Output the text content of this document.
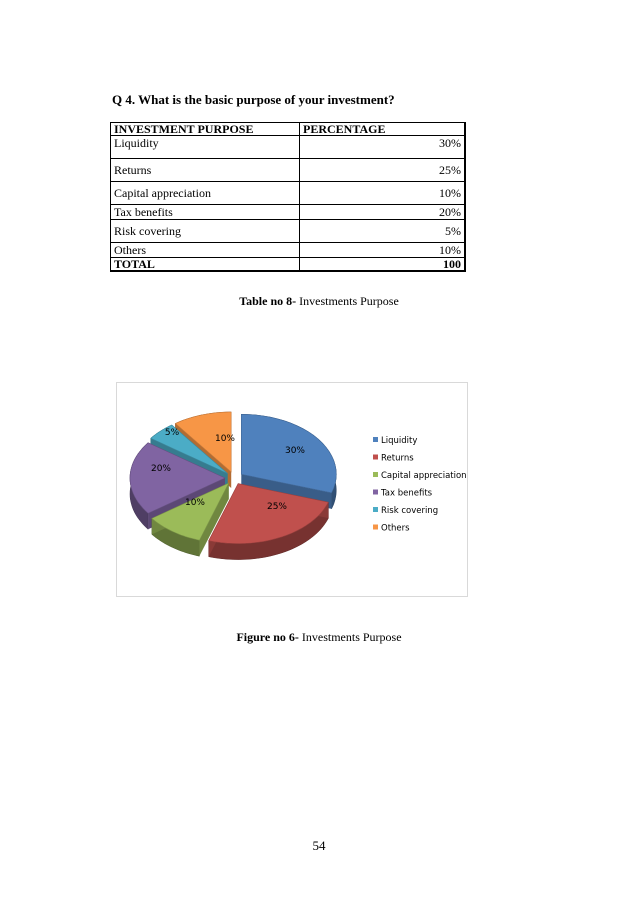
Q 4. What is the basic purpose of your investment?

INVESTMENT PURPOSE	PERCENTAGE
Liquidity	30%
Returns	25%
Capital appreciation	10%
Tax benefits	20%
Risk covering	5%
Others	10%
TOTAL	100

Table no 8- Investments Purpose

30%
25%
10%
20%
5%
10%	Liquidity
Returns
Capital appreciation
Tax benefits
Risk covering
Others

Figure no 6- Investments Purpose

54
